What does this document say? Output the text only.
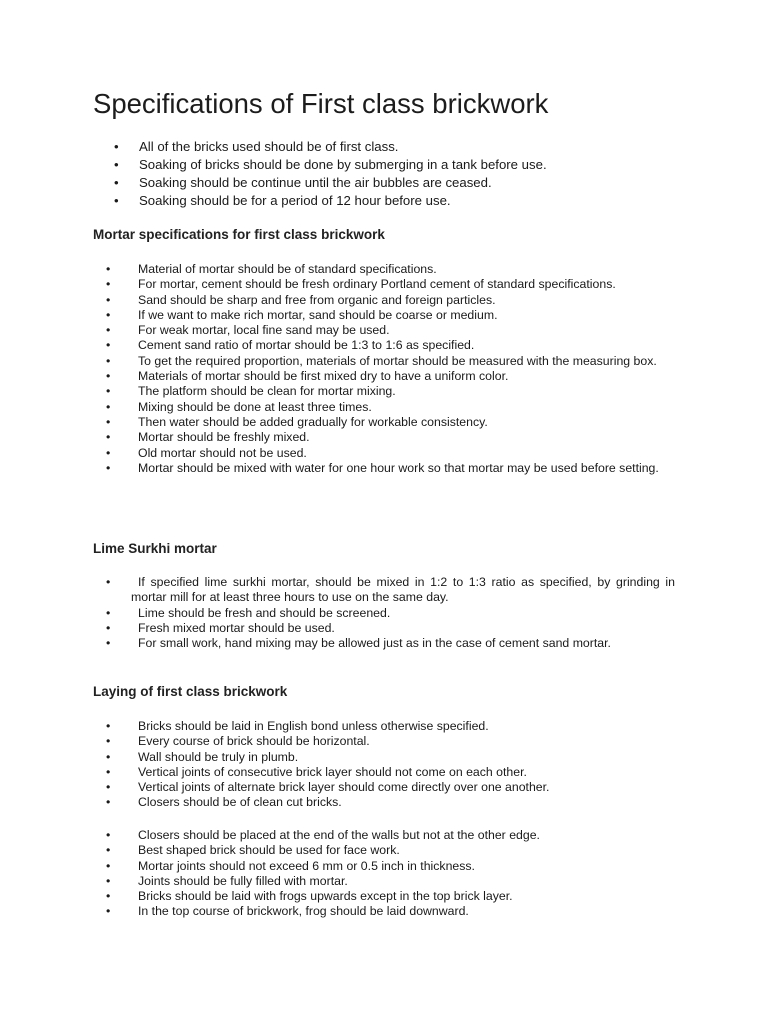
Specifications of First class brickwork
• All of the bricks used should be of first class.
• Soaking of bricks should be done by submerging in a tank before use.
• Soaking should be continue until the air bubbles are ceased.
• Soaking should be for a period of 12 hour before use.
Mortar specifications for first class brickwork
• Material of mortar should be of standard specifications.
• For mortar, cement should be fresh ordinary Portland cement of standard specifications.
• Sand should be sharp and free from organic and foreign particles.
• If we want to make rich mortar, sand should be coarse or medium.
• For weak mortar, local fine sand may be used.
• Cement sand ratio of mortar should be 1:3 to 1:6 as specified.
• To get the required proportion, materials of mortar should be measured with the measuring box.
• Materials of mortar should be first mixed dry to have a uniform color.
• The platform should be clean for mortar mixing.
• Mixing should be done at least three times.
• Then water should be added gradually for workable consistency.
• Mortar should be freshly mixed.
• Old mortar should not be used.
• Mortar should be mixed with water for one hour work so that mortar may be used before setting.
Lime Surkhi mortar
• If specified lime surkhi mortar, should be mixed in 1:2 to 1:3 ratio as specified, by grinding in mortar mill for at least three hours to use on the same day.
• Lime should be fresh and should be screened.
• Fresh mixed mortar should be used.
• For small work, hand mixing may be allowed just as in the case of cement sand mortar.
Laying of first class brickwork
• Bricks should be laid in English bond unless otherwise specified.
• Every course of brick should be horizontal.
• Wall should be truly in plumb.
• Vertical joints of consecutive brick layer should not come on each other.
• Vertical joints of alternate brick layer should come directly over one another.
• Closers should be of clean cut bricks.
• Closers should be placed at the end of the walls but not at the other edge.
• Best shaped brick should be used for face work.
• Mortar joints should not exceed 6 mm or 0.5 inch in thickness.
• Joints should be fully filled with mortar.
• Bricks should be laid with frogs upwards except in the top brick layer.
• In the top course of brickwork, frog should be laid downward.
